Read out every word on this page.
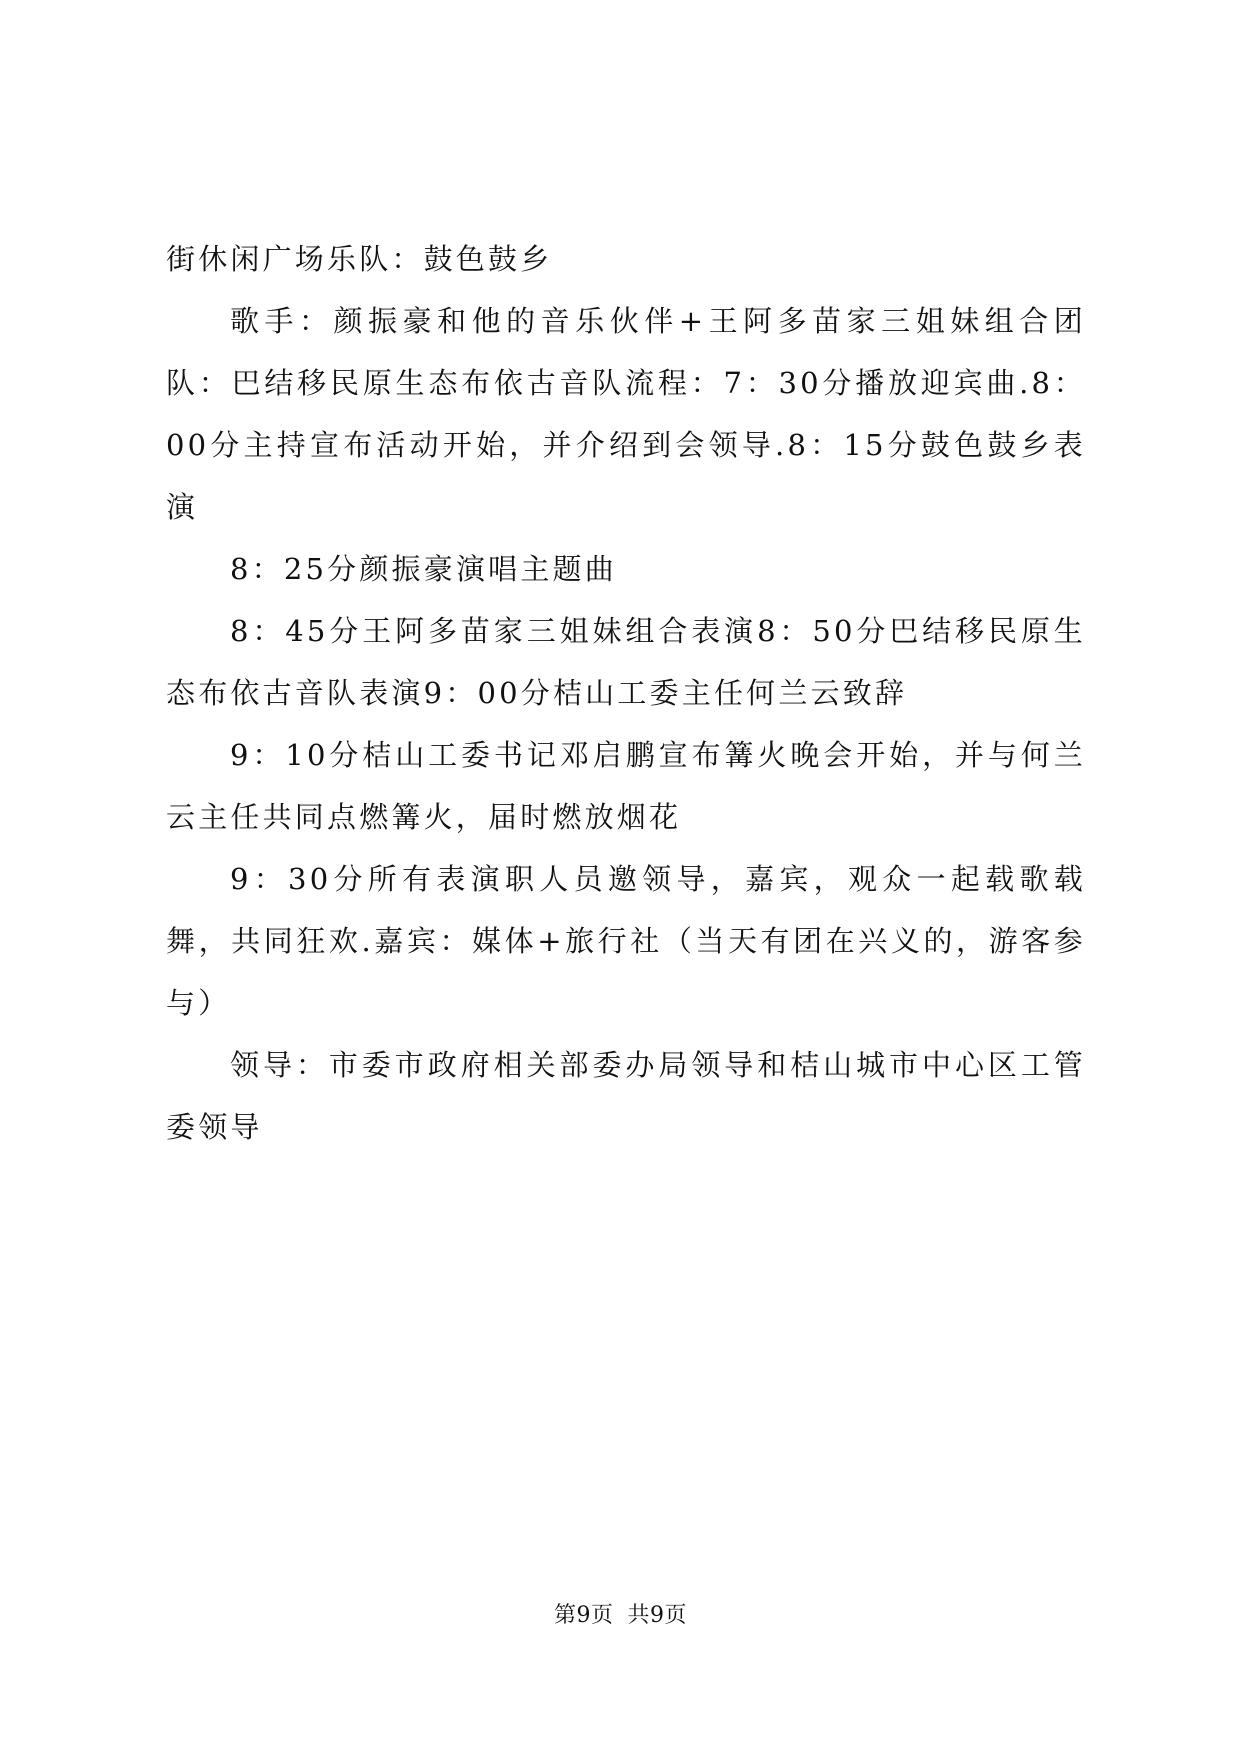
街休闲广场乐队：鼓色鼓乡

歌手：颜振豪和他的音乐伙伴+王阿多苗家三姐妹组合团队：巴结移民原生态布依古音队流程：7：30分播放迎宾曲.8：00分主持宣布活动开始，并介绍到会领导.8：15分鼓色鼓乡表演

8：25分颜振豪演唱主题曲

8：45分王阿多苗家三姐妹组合表演8：50分巴结移民原生态布依古音队表演9：00分桔山工委主任何兰云致辞

9：10分桔山工委书记邓启鹏宣布篝火晚会开始，并与何兰云主任共同点燃篝火，届时燃放烟花

9：30分所有表演职人员邀领导，嘉宾，观众一起载歌载舞，共同狂欢.嘉宾：媒体+旅行社（当天有团在兴义的，游客参与）

领导：市委市政府相关部委办局领导和桔山城市中心区工管委领导

第9页 共9页
